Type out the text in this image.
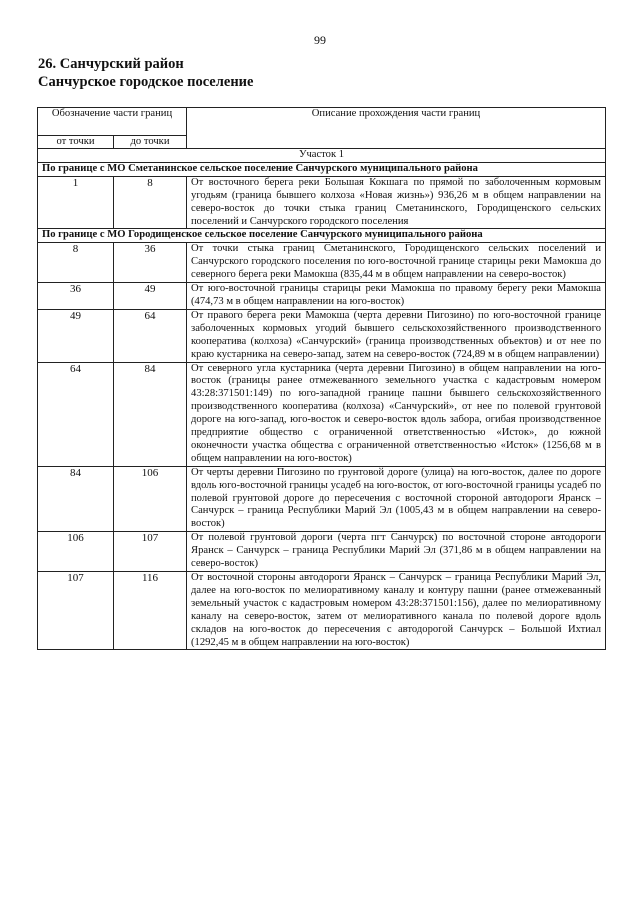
99
26. Санчурский район
Санчурское городское поселение
Обозначение части границ		Описание прохождения части границ
от точки	до точки	
Участок 1		
По границе с МО Сметанинское сельское поселение Санчурского муниципального района		
1	8	От восточного берега реки Большая Кокшага по прямой по заболоченным кормовым угодьям (граница бывшего колхоза «Новая жизнь») 936,26 м в общем направлении на северо-восток до точки стыка границ Сметанинского, Городищенского сельских поселений и Санчурского городского поселения
По границе с МО Городищенское сельское поселение Санчурского муниципального района		
8	36	От точки стыка границ Сметанинского, Городищенского сельских поселений и Санчурского городского поселения по юго-восточной границе старицы реки Мамокша до северного берега реки Мамокша (835,44 м в общем направлении на северо-восток)
36	49	От юго-восточной границы старицы реки Мамокша по правому берегу реки Мамокша (474,73 м в общем направлении на юго-восток)
49	64	От правого берега реки Мамокша (черта деревни Пигозино) по юго-восточной границе заболоченных кормовых угодий бывшего сельскохозяйственного производственного кооператива (колхоза) «Санчурский» (граница производственных объектов) и от нее по краю кустарника на северо-запад, затем на северо-восток (724,89 м в общем направлении)
64	84	От северного угла кустарника (черта деревни Пигозино) в общем направлении на юго-восток (границы ранее отмежеванного земельного участка с кадастровым номером 43:28:371501:149) по юго-западной границе пашни бывшего сельскохозяйственного производственного кооператива (колхоза) «Санчурский», от нее по полевой грунтовой дороге на юго-запад, юго-восток и северо-восток вдоль забора, огибая производственное предприятие общество с ограниченной ответственностью «Исток», до южной оконечности участка общества с ограниченной ответственностью «Исток» (1256,68 м в общем направлении на юго-восток)
84	106	От черты деревни Пигозино по грунтовой дороге (улица) на юго-восток, далее по дороге вдоль юго-восточной границы усадеб на юго-восток, от юго-восточной границы усадеб по полевой грунтовой дороге до пересечения с восточной стороной автодороги Яранск – Санчурск – граница Республики Марий Эл (1005,43 м в общем направлении на северо-восток)
106	107	От полевой грунтовой дороги (черта пгт Санчурск) по восточной стороне автодороги Яранск – Санчурск – граница Республики Марий Эл (371,86 м в общем направлении на северо-восток)
107	116	От восточной стороны автодороги Яранск – Санчурск – граница Республики Марий Эл, далее на юго-восток по мелиоративному каналу и контуру пашни (ранее отмежеванный земельный участок с кадастровым номером 43:28:371501:156), далее по мелиоративному каналу на северо-восток, затем от мелиоративного канала по полевой дороге вдоль складов на юго-восток до пересечения с автодорогой Санчурск – Большой Ихтиал (1292,45 м в общем направлении на юго-восток)
